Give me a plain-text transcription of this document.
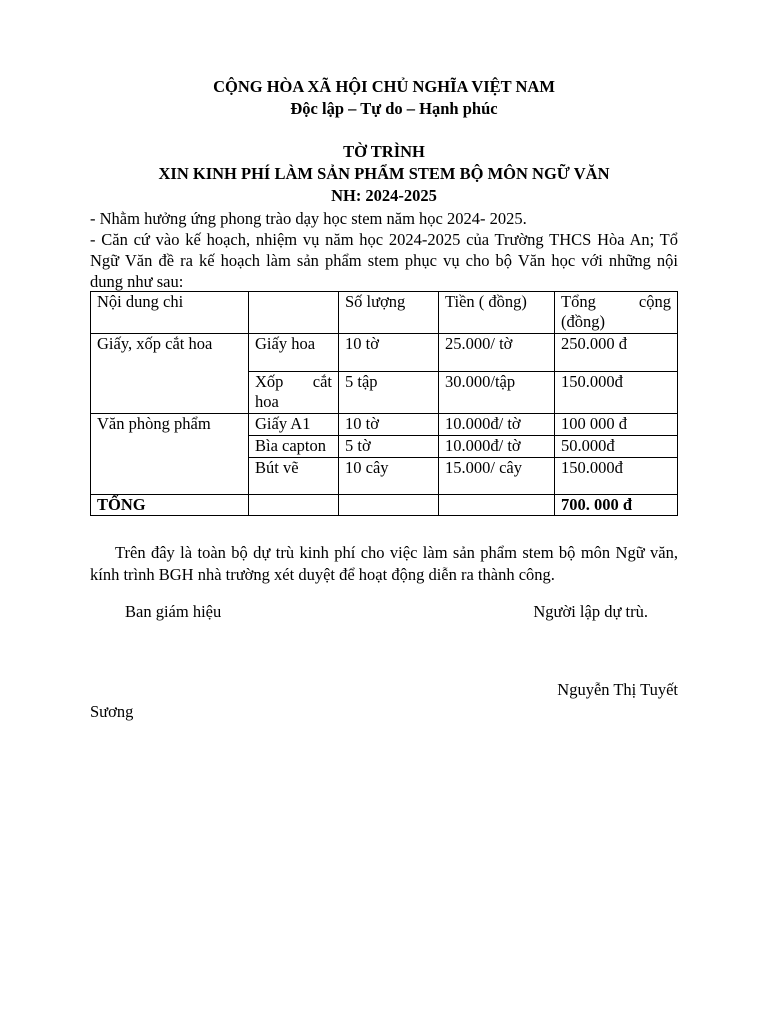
CỘNG HÒA XÃ HỘI CHỦ NGHĨA VIỆT NAM
Độc lập – Tự do – Hạnh phúc
TỜ TRÌNH
XIN KINH PHÍ LÀM SẢN PHẨM STEM BỘ MÔN NGỮ VĂN
NH: 2024-2025

- Nhằm hưởng ứng phong trào dạy học stem năm học 2024- 2025.

- Căn cứ vào kế hoạch, nhiệm vụ năm học 2024-2025 của Trường THCS Hòa An; Tổ Ngữ Văn đề ra kế hoạch làm sản phẩm stem phục vụ cho bộ Văn học với những nội dung như sau:

Nội dung chi		Số lượng	Tiền ( đồng)	Tổng cộng (đồng)
Giấy, xốp cắt hoa	Giấy hoa	10 tờ	25.000/ tờ	250.000 đ
	Xốp cắt hoa	5 tập	30.000/tập	150.000đ
Văn phòng phẩm	Giấy A1	10 tờ	10.000đ/ tờ	100 000 đ
	Bìa capton	5 tờ	10.000đ/ tờ	50.000đ
	Bút vẽ	10 cây	15.000/ cây	150.000đ
TỔNG				700. 000 đ
Trên đây là toàn bộ dự trù kinh phí cho việc làm sản phẩm stem bộ môn Ngữ văn, kính trình BGH nhà trường xét duyệt để hoạt động diễn ra thành công.
Ban giám hiệu	Người lập dự trù.
Nguyễn Thị Tuyết
Sương
